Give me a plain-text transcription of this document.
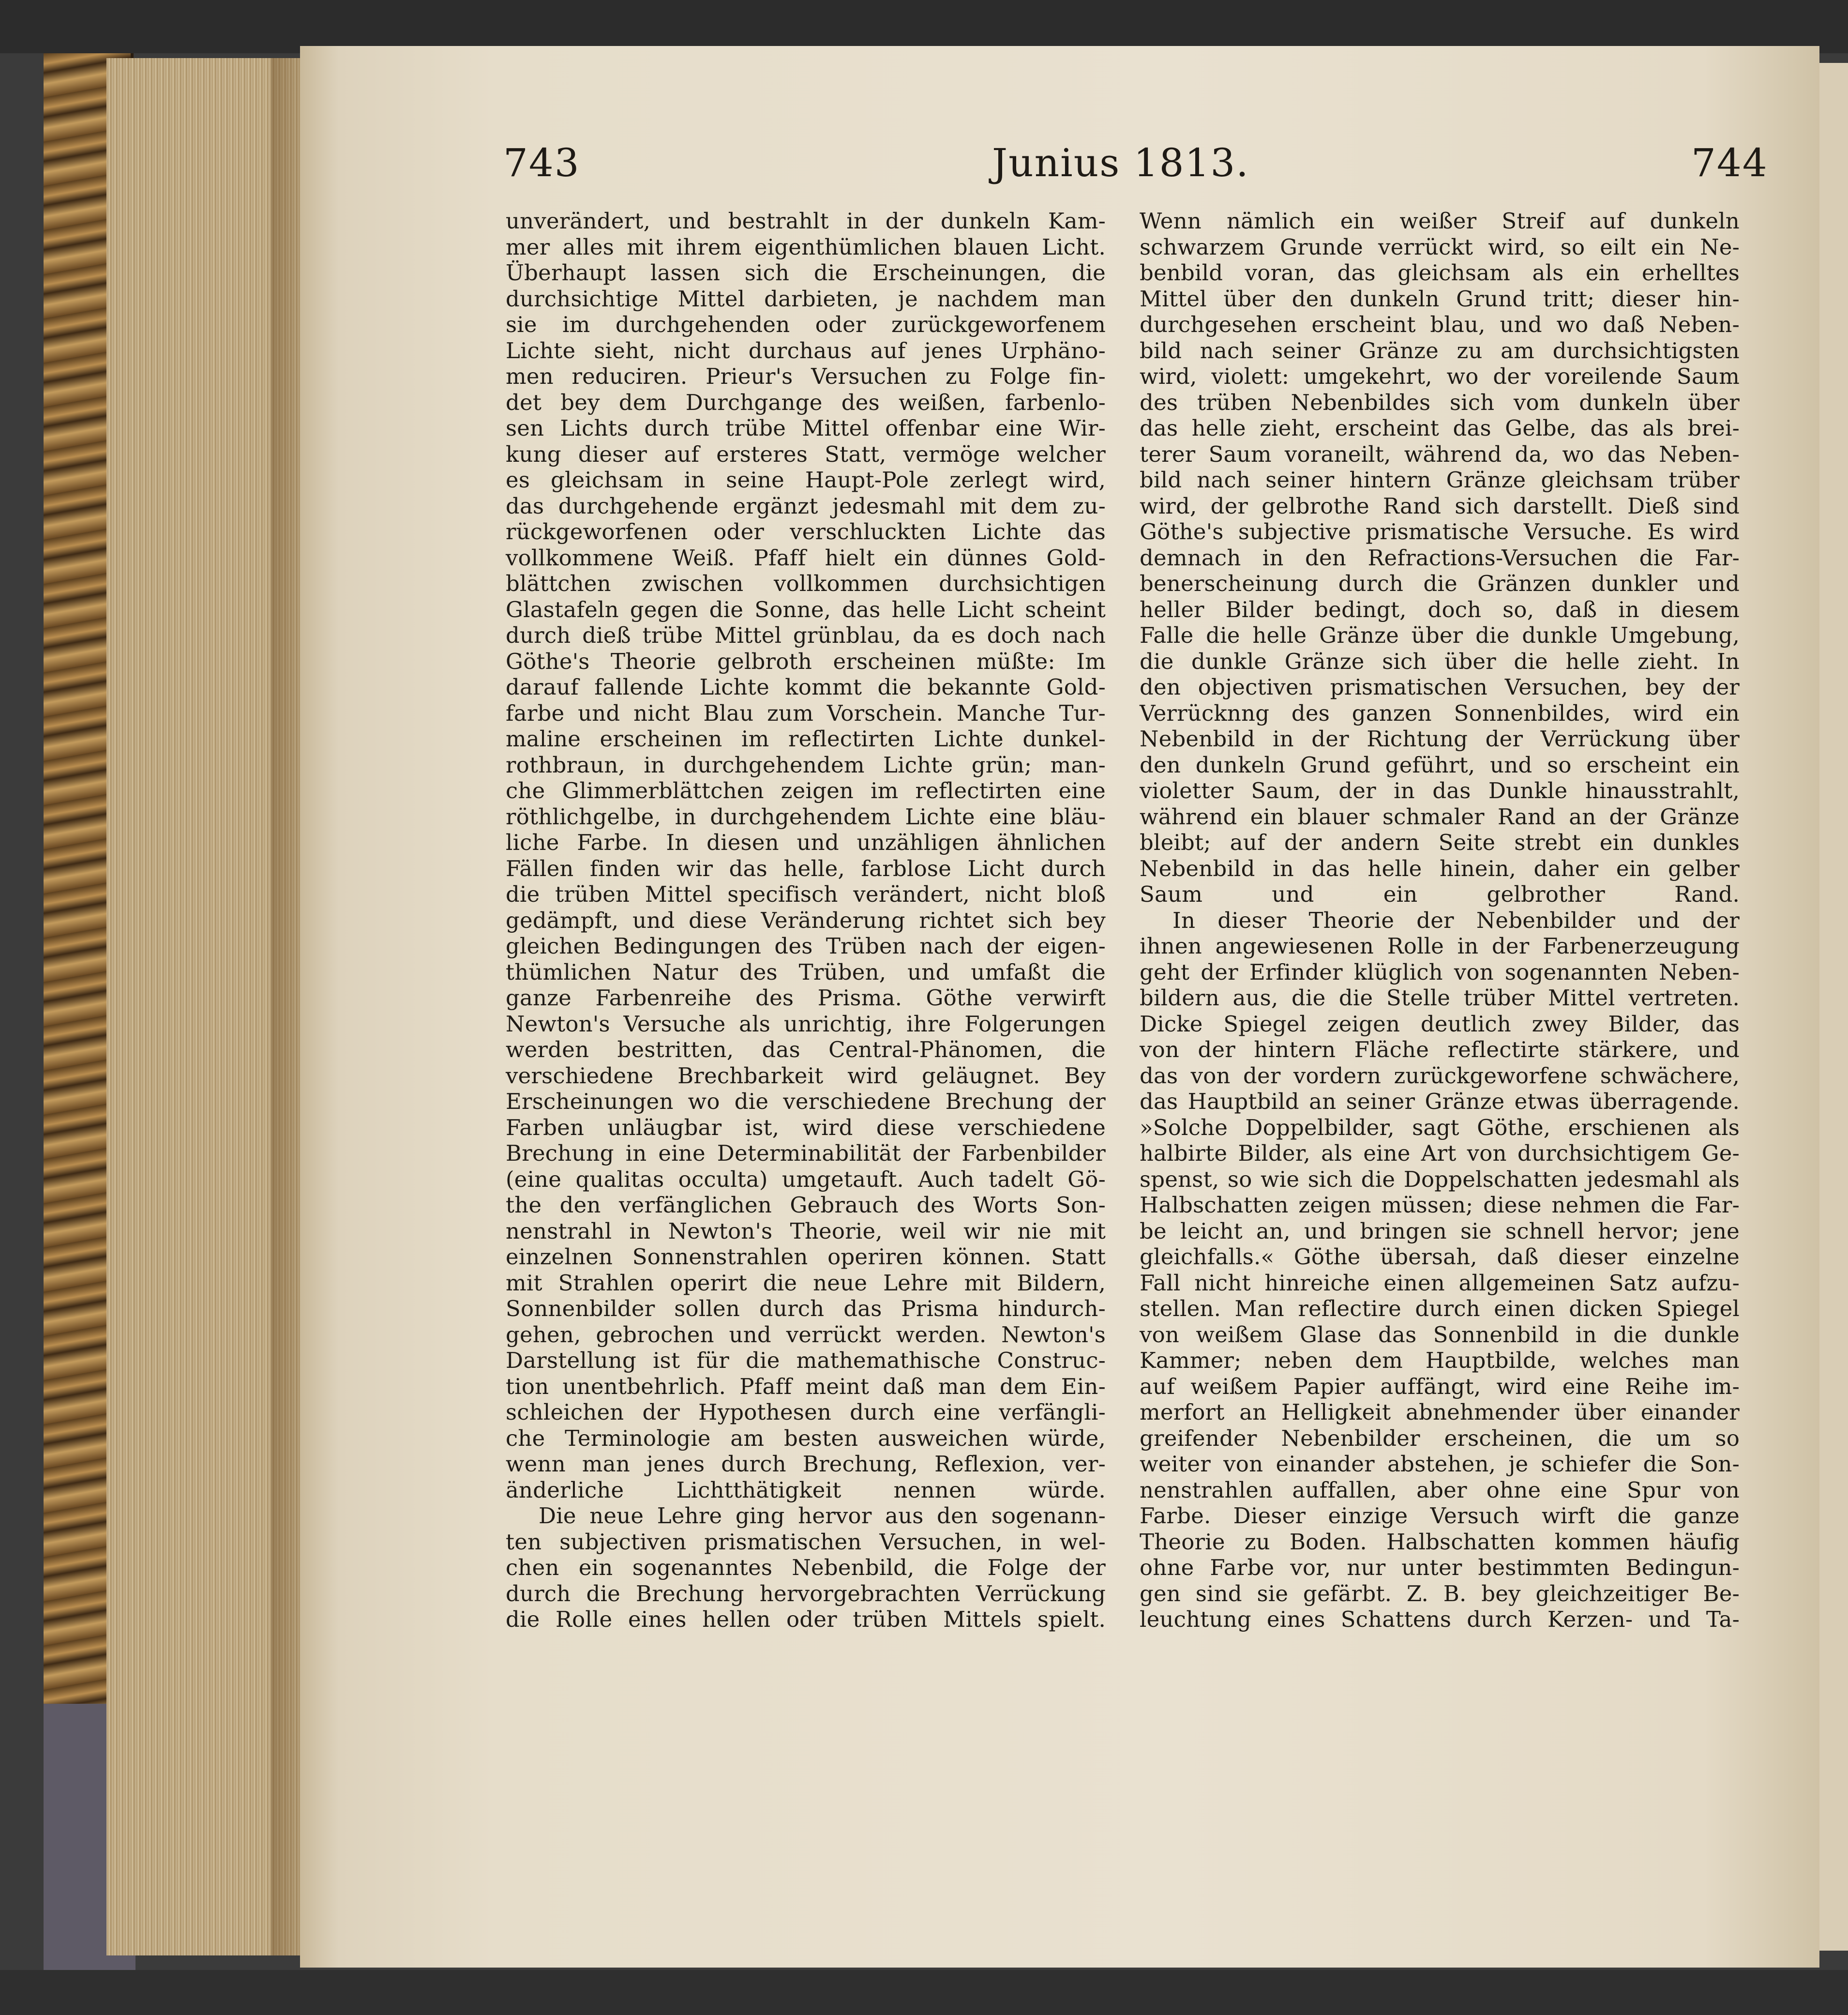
743	Junius 1813.	744
unverändert, und bestrahlt in der dunkeln Kam-
mer alles mit ihrem eigenthümlichen blauen Licht.
Überhaupt lassen sich die Erscheinungen, die
durchsichtige Mittel darbieten, je nachdem man
sie im durchgehenden oder zurückgeworfenem
Lichte sieht, nicht durchaus auf jenes Urphäno-
men reduciren. Prieur's Versuchen zu Folge fin-
det bey dem Durchgange des weißen, farbenlo-
sen Lichts durch trübe Mittel offenbar eine Wir-
kung dieser auf ersteres Statt, vermöge welcher
es gleichsam in seine Haupt-Pole zerlegt wird,
das durchgehende ergänzt jedesmahl mit dem zu-
rückgeworfenen oder verschluckten Lichte das
vollkommene Weiß. Pfaff hielt ein dünnes Gold-
blättchen zwischen vollkommen durchsichtigen
Glastafeln gegen die Sonne, das helle Licht scheint
durch dieß trübe Mittel grünblau, da es doch nach
Göthe's Theorie gelbroth erscheinen müßte: Im
darauf fallende Lichte kommt die bekannte Gold-
farbe und nicht Blau zum Vorschein. Manche Tur-
maline erscheinen im reflectirten Lichte dunkel-
rothbraun, in durchgehendem Lichte grün; man-
che Glimmerblättchen zeigen im reflectirten eine
röthlichgelbe, in durchgehendem Lichte eine bläu-
liche Farbe. In diesen und unzähligen ähnlichen
Fällen finden wir das helle, farblose Licht durch
die trüben Mittel specifisch verändert, nicht bloß
gedämpft, und diese Veränderung richtet sich bey
gleichen Bedingungen des Trüben nach der eigen-
thümlichen Natur des Trüben, und umfaßt die
ganze Farbenreihe des Prisma. Göthe verwirft
Newton's Versuche als unrichtig, ihre Folgerungen
werden bestritten, das Central-Phänomen, die
verschiedene Brechbarkeit wird geläugnet. Bey
Erscheinungen wo die verschiedene Brechung der
Farben unläugbar ist, wird diese verschiedene
Brechung in eine Determinabilität der Farbenbilder
(eine qualitas occulta) umgetauft. Auch tadelt Gö-
the den verfänglichen Gebrauch des Worts Son-
nenstrahl in Newton's Theorie, weil wir nie mit
einzelnen Sonnenstrahlen operiren können. Statt
mit Strahlen operirt die neue Lehre mit Bildern,
Sonnenbilder sollen durch das Prisma hindurch-
gehen, gebrochen und verrückt werden. Newton's
Darstellung ist für die mathemathische Construc-
tion unentbehrlich. Pfaff meint daß man dem Ein-
schleichen der Hypothesen durch eine verfängli-
che Terminologie am besten ausweichen würde,
wenn man jenes durch Brechung, Reflexion, ver-
änderliche Lichtthätigkeit nennen würde.
Die neue Lehre ging hervor aus den sogenann-
ten subjectiven prismatischen Versuchen, in wel-
chen ein sogenanntes Nebenbild, die Folge der
durch die Brechung hervorgebrachten Verrückung
die Rolle eines hellen oder trüben Mittels spielt.
Wenn nämlich ein weißer Streif auf dunkeln
schwarzem Grunde verrückt wird, so eilt ein Ne-
benbild voran, das gleichsam als ein erhelltes
Mittel über den dunkeln Grund tritt; dieser hin-
durchgesehen erscheint blau, und wo daß Neben-
bild nach seiner Gränze zu am durchsichtigsten
wird, violett: umgekehrt, wo der voreilende Saum
des trüben Nebenbildes sich vom dunkeln über
das helle zieht, erscheint das Gelbe, das als brei-
terer Saum voraneilt, während da, wo das Neben-
bild nach seiner hintern Gränze gleichsam trüber
wird, der gelbrothe Rand sich darstellt. Dieß sind
Göthe's subjective prismatische Versuche. Es wird
demnach in den Refractions-Versuchen die Far-
benerscheinung durch die Gränzen dunkler und
heller Bilder bedingt, doch so, daß in diesem
Falle die helle Gränze über die dunkle Umgebung,
die dunkle Gränze sich über die helle zieht. In
den objectiven prismatischen Versuchen, bey der
Verrücknng des ganzen Sonnenbildes, wird ein
Nebenbild in der Richtung der Verrückung über
den dunkeln Grund geführt, und so erscheint ein
violetter Saum, der in das Dunkle hinausstrahlt,
während ein blauer schmaler Rand an der Gränze
bleibt; auf der andern Seite strebt ein dunkles
Nebenbild in das helle hinein, daher ein gelber
Saum und ein gelbrother Rand.
In dieser Theorie der Nebenbilder und der
ihnen angewiesenen Rolle in der Farbenerzeugung
geht der Erfinder klüglich von sogenannten Neben-
bildern aus, die die Stelle trüber Mittel vertreten.
Dicke Spiegel zeigen deutlich zwey Bilder, das
von der hintern Fläche reflectirte stärkere, und
das von der vordern zurückgeworfene schwächere,
das Hauptbild an seiner Gränze etwas überragende.
»Solche Doppelbilder, sagt Göthe, erschienen als
halbirte Bilder, als eine Art von durchsichtigem Ge-
spenst, so wie sich die Doppelschatten jedesmahl als
Halbschatten zeigen müssen; diese nehmen die Far-
be leicht an, und bringen sie schnell hervor; jene
gleichfalls.« Göthe übersah, daß dieser einzelne
Fall nicht hinreiche einen allgemeinen Satz aufzu-
stellen. Man reflectire durch einen dicken Spiegel
von weißem Glase das Sonnenbild in die dunkle
Kammer; neben dem Hauptbilde, welches man
auf weißem Papier auffängt, wird eine Reihe im-
merfort an Helligkeit abnehmender über einander
greifender Nebenbilder erscheinen, die um so
weiter von einander abstehen, je schiefer die Son-
nenstrahlen auffallen, aber ohne eine Spur von
Farbe. Dieser einzige Versuch wirft die ganze
Theorie zu Boden. Halbschatten kommen häufig
ohne Farbe vor, nur unter bestimmten Bedingun-
gen sind sie gefärbt. Z. B. bey gleichzeitiger Be-
leuchtung eines Schattens durch Kerzen- und Ta-
